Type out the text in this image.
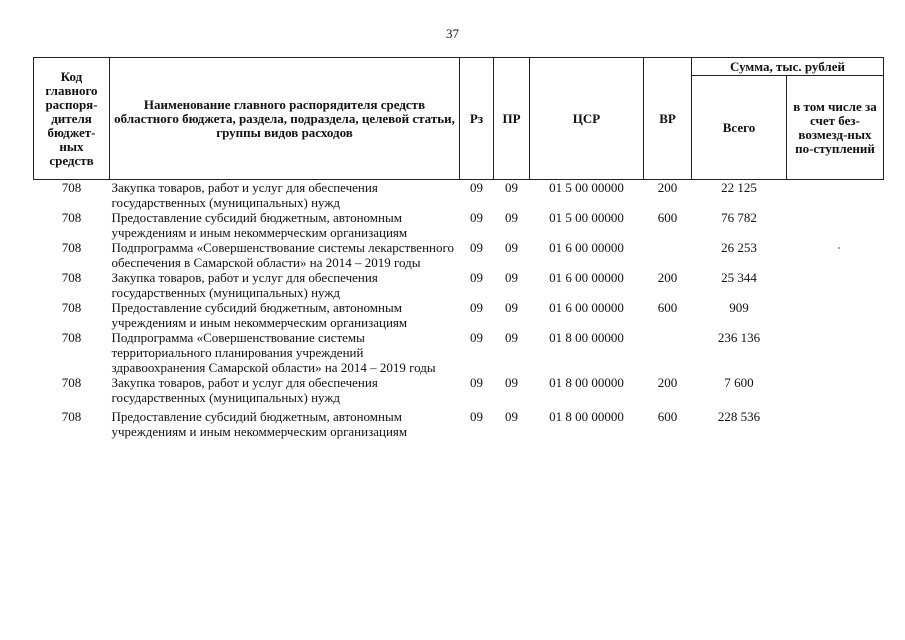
37
Код главного распоря-дителя бюджет-ных средств	Наименование главного распорядителя средств областного бюджета, раздела, подраздела, целевой статьи, группы видов расходов	Рз	ПР	ЦСР	ВР	Сумма, тыс. рублей	
						Всего	в том числе за счет без-возмезд-ных по-ступлений
708	Закупка товаров, работ и услуг для обеспечения государственных (муниципальных) нужд	09	09	01 5 00 00000	200	22 125	
708	Предоставление субсидий бюджетным, автономным учреждениям и иным некоммерческим организациям	09	09	01 5 00 00000	600	76 782	
708	Подпрограмма «Совершенствование системы лекарственного обеспечения в Самарской области» на 2014 – 2019 годы	09	09	01 6 00 00000		26 253	
708	Закупка товаров, работ и услуг для обеспечения государственных (муниципальных) нужд	09	09	01 6 00 00000	200	25 344	
708	Предоставление субсидий бюджетным, автономным учреждениям и иным некоммерческим организациям	09	09	01 6 00 00000	600	909	
708	Подпрограмма «Совершенствование системы территориального планирования учреждений здравоохранения Самарской области» на 2014 – 2019 годы	09	09	01 8 00 00000		236 136	
708	Закупка товаров, работ и услуг для обеспечения государственных (муниципальных) нужд	09	09	01 8 00 00000	200	7 600	
708	Предоставление субсидий бюджетным, автономным учреждениям и иным некоммерческим организациям	09	09	01 8 00 00000	600	228 536	
